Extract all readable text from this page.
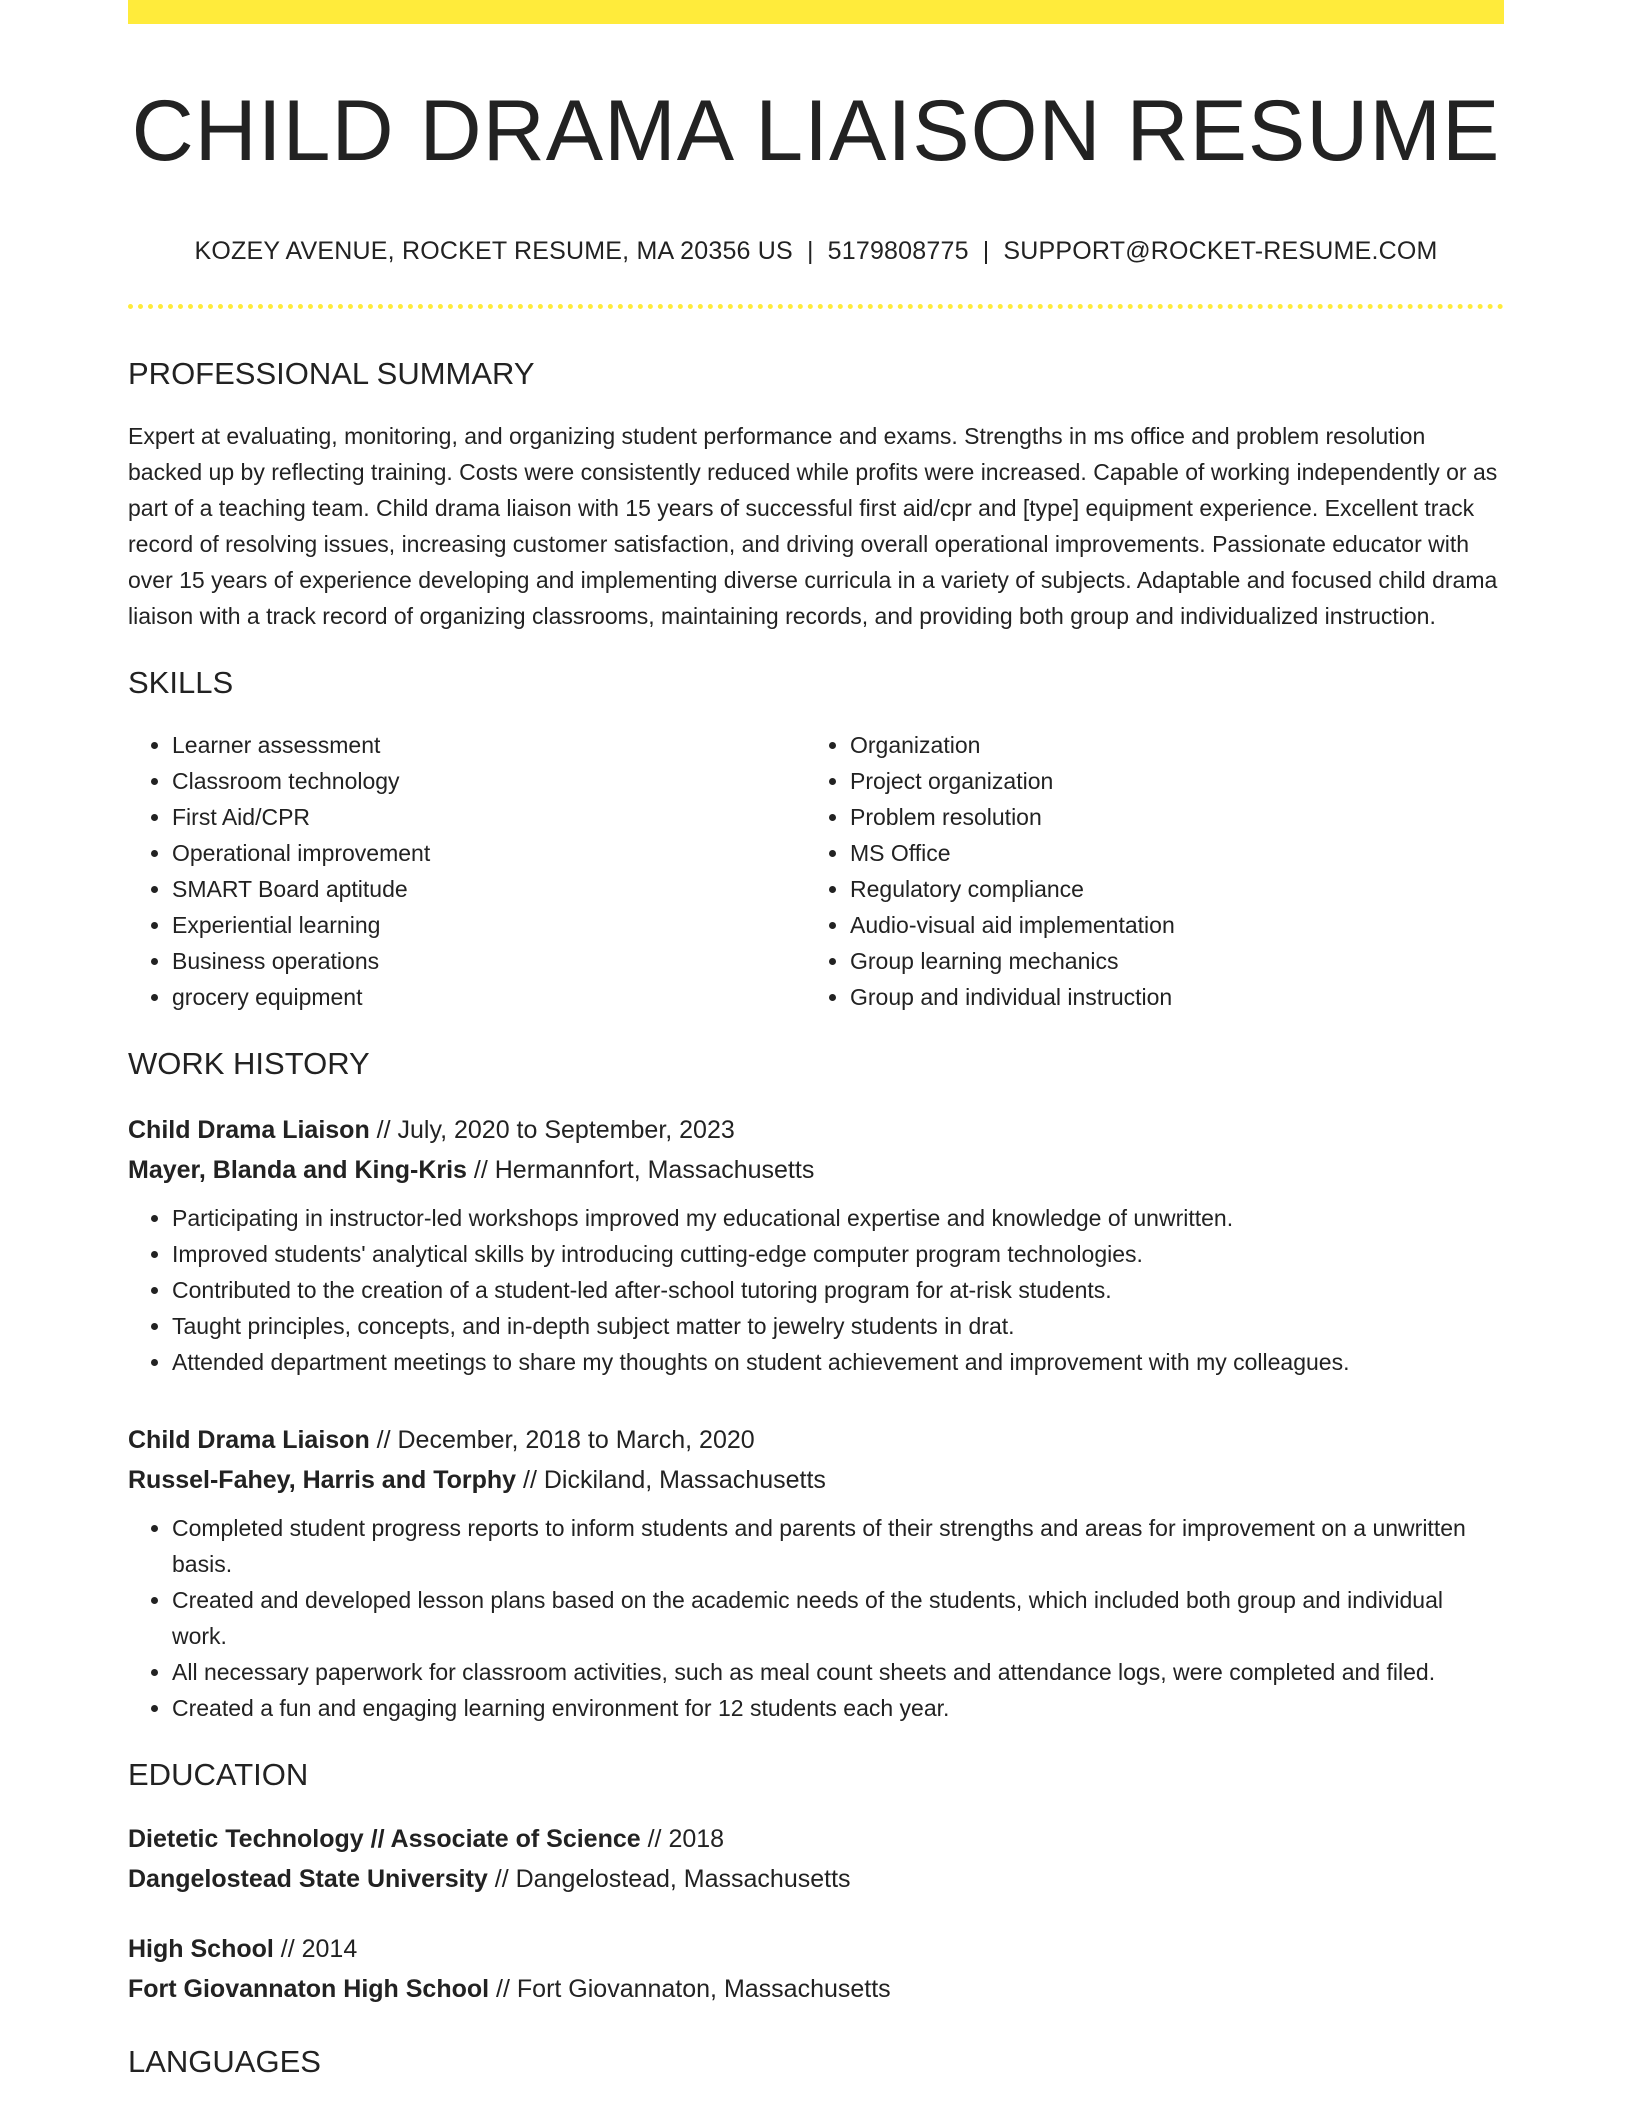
CHILD DRAMA LIAISON RESUME
KOZEY AVENUE, ROCKET RESUME, MA 20356 US | 5179808775 | SUPPORT@ROCKET-RESUME.COM
PROFESSIONAL SUMMARY

Expert at evaluating, monitoring, and organizing student performance and exams. Strengths in ms office and problem resolution backed up by reflecting training. Costs were consistently reduced while profits were increased. Capable of working independently or as part of a teaching team. Child drama liaison with 15 years of successful first aid/cpr and [type] equipment experience. Excellent track record of resolving issues, increasing customer satisfaction, and driving overall operational improvements. Passionate educator with over 15 years of experience developing and implementing diverse curricula in a variety of subjects. Adaptable and focused child drama liaison with a track record of organizing classrooms, maintaining records, and providing both group and individualized instruction.

SKILLS
• Learner assessment
• Classroom technology
• First Aid/CPR
• Operational improvement
• SMART Board aptitude
• Experiential learning
• Business operations
• grocery equipment
• Organization
• Project organization
• Problem resolution
• MS Office
• Regulatory compliance
• Audio-visual aid implementation
• Group learning mechanics
• Group and individual instruction
WORK HISTORY
Child Drama Liaison // July, 2020 to September, 2023
Mayer, Blanda and King-Kris // Hermannfort, Massachusetts
• Participating in instructor-led workshops improved my educational expertise and knowledge of unwritten.
• Improved students' analytical skills by introducing cutting-edge computer program technologies.
• Contributed to the creation of a student-led after-school tutoring program for at-risk students.
• Taught principles, concepts, and in-depth subject matter to jewelry students in drat.
• Attended department meetings to share my thoughts on student achievement and improvement with my colleagues.
Child Drama Liaison // December, 2018 to March, 2020
Russel-Fahey, Harris and Torphy // Dickiland, Massachusetts
• Completed student progress reports to inform students and parents of their strengths and areas for improvement on a unwritten basis.
• Created and developed lesson plans based on the academic needs of the students, which included both group and individual work.
• All necessary paperwork for classroom activities, such as meal count sheets and attendance logs, were completed and filed.
• Created a fun and engaging learning environment for 12 students each year.
EDUCATION
Dietetic Technology // Associate of Science // 2018
Dangelostead State University // Dangelostead, Massachusetts
High School // 2014
Fort Giovannaton High School // Fort Giovannaton, Massachusetts
LANGUAGES
